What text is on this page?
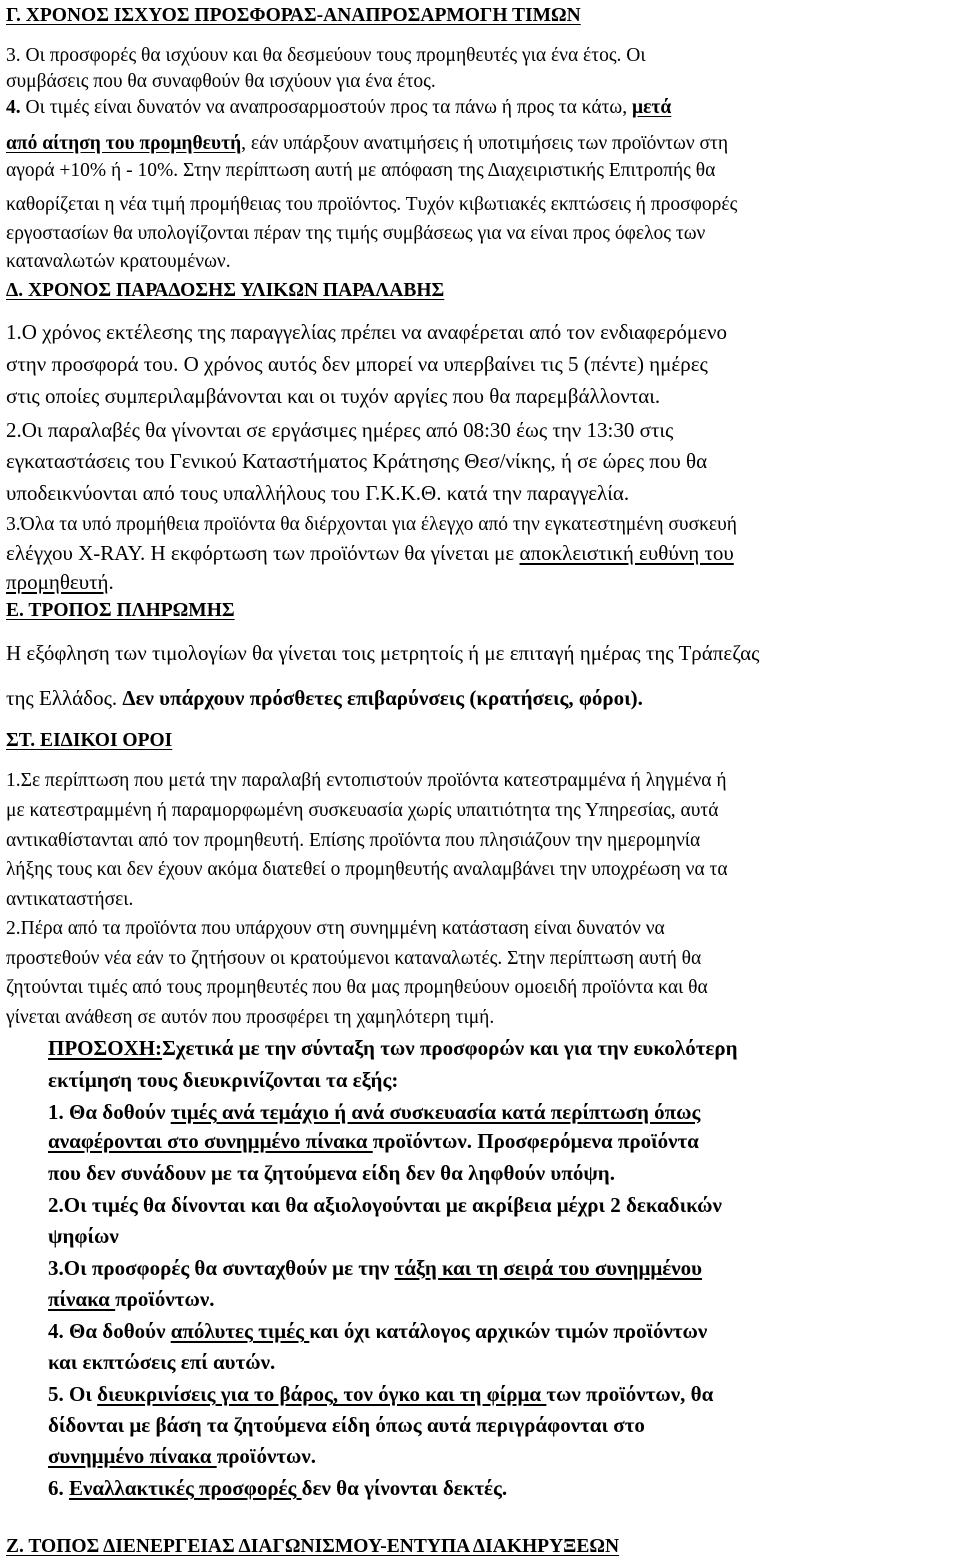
Γ. ΧΡΟΝΟΣ ΙΣΧΥΟΣ ΠΡΟΣΦΟΡΑΣ-ΑΝΑΠΡΟΣΑΡΜΟΓΗ ΤΙΜΩΝ
3. Οι προσφορές θα ισχύουν και θα δεσμεύουν τους προμηθευτές για ένα έτος. Οι
συμβάσεις που θα συναφθούν θα ισχύουν για ένα έτος.
4. Οι τιμές είναι δυνατόν να αναπροσαρμοστούν προς τα πάνω ή προς τα κάτω, μετά
από αίτηση του προμηθευτή, εάν υπάρξουν ανατιμήσεις ή υποτιμήσεις των προϊόντων στη
αγορά +10% ή - 10%. Στην περίπτωση αυτή με απόφαση της Διαχειριστικής Επιτροπής θα
καθορίζεται η νέα τιμή προμήθειας του προϊόντος. Τυχόν κιβωτιακές εκπτώσεις ή προσφορές
εργοστασίων θα υπολογίζονται πέραν της τιμής συμβάσεως για να είναι προς όφελος των
καταναλωτών κρατουμένων.
Δ. ΧΡΟΝΟΣ ΠΑΡΑΔΟΣΗΣ ΥΛΙΚΩΝ ΠΑΡΑΛΑΒΗΣ
1.Ο χρόνος εκτέλεσης της παραγγελίας πρέπει να αναφέρεται από τον ενδιαφερόμενο
στην προσφορά του. Ο χρόνος αυτός δεν μπορεί να υπερβαίνει τις 5 (πέντε) ημέρες
στις οποίες συμπεριλαμβάνονται και οι τυχόν αργίες που θα παρεμβάλλονται.
2.Οι παραλαβές θα γίνονται σε εργάσιμες ημέρες από 08:30 έως την 13:30 στις
εγκαταστάσεις του Γενικού Καταστήματος Κράτησης Θεσ/νίκης, ή σε ώρες που θα
υποδεικνύονται από τους υπαλλήλους του Γ.Κ.Κ.Θ. κατά την παραγγελία.
3.Όλα τα υπό προμήθεια προϊόντα θα διέρχονται για έλεγχο από την εγκατεστημένη συσκευή
ελέγχου X-RAY. Η εκφόρτωση των προϊόντων θα γίνεται με αποκλειστική ευθύνη του
προμηθευτή.
Ε. ΤΡΟΠΟΣ ΠΛΗΡΩΜΗΣ
Η εξόφληση των τιμολογίων θα γίνεται τοις μετρητοίς ή με επιταγή ημέρας της Τράπεζας
της Ελλάδος. Δεν υπάρχουν πρόσθετες επιβαρύνσεις (κρατήσεις, φόροι).
ΣΤ. ΕΙΔΙΚΟΙ ΟΡΟΙ
1.Σε περίπτωση που μετά την παραλαβή εντοπιστούν προϊόντα κατεστραμμένα ή ληγμένα ή
με κατεστραμμένη ή παραμορφωμένη συσκευασία χωρίς υπαιτιότητα της Υπηρεσίας, αυτά
αντικαθίστανται από τον προμηθευτή. Επίσης προϊόντα που πλησιάζουν την ημερομηνία
λήξης τους και δεν έχουν ακόμα διατεθεί ο προμηθευτής αναλαμβάνει την υποχρέωση να τα
αντικαταστήσει.
2.Πέρα από τα προϊόντα που υπάρχουν στη συνημμένη κατάσταση είναι δυνατόν να
προστεθούν νέα εάν το ζητήσουν οι κρατούμενοι καταναλωτές. Στην περίπτωση αυτή θα
ζητούνται τιμές από τους προμηθευτές που θα μας προμηθεύουν ομοειδή προϊόντα και θα
γίνεται ανάθεση σε αυτόν που προσφέρει τη χαμηλότερη τιμή.
ΠΡΟΣΟΧΗ:Σχετικά με την σύνταξη των προσφορών και για την ευκολότερη
εκτίμηση τους διευκρινίζονται τα εξής:
1. Θα δοθούν τιμές ανά τεμάχιο ή ανά συσκευασία κατά περίπτωση όπως
αναφέρονται στο συνημμένο πίνακα προϊόντων. Προσφερόμενα προϊόντα
που δεν συνάδουν με τα ζητούμενα είδη δεν θα ληφθούν υπόψη.
2.Οι τιμές θα δίνονται και θα αξιολογούνται με ακρίβεια μέχρι 2 δεκαδικών
ψηφίων
3.Οι προσφορές θα συνταχθούν με την τάξη και τη σειρά του συνημμένου
πίνακα προϊόντων.
4. Θα δοθούν απόλυτες τιμές και όχι κατάλογος αρχικών τιμών προϊόντων
και εκπτώσεις επί αυτών.
5. Οι διευκρινίσεις για το βάρος, τον όγκο και τη φίρμα των προϊόντων, θα
δίδονται με βάση τα ζητούμενα είδη όπως αυτά περιγράφονται στο
συνημμένο πίνακα προϊόντων.
6. Εναλλακτικές προσφορές δεν θα γίνονται δεκτές.
Ζ. ΤΟΠΟΣ ΔΙΕΝΕΡΓΕΙΑΣ ΔΙΑΓΩΝΙΣΜΟΥ-ΕΝΤΥΠΑ ΔΙΑΚΗΡΥΞΕΩΝ
